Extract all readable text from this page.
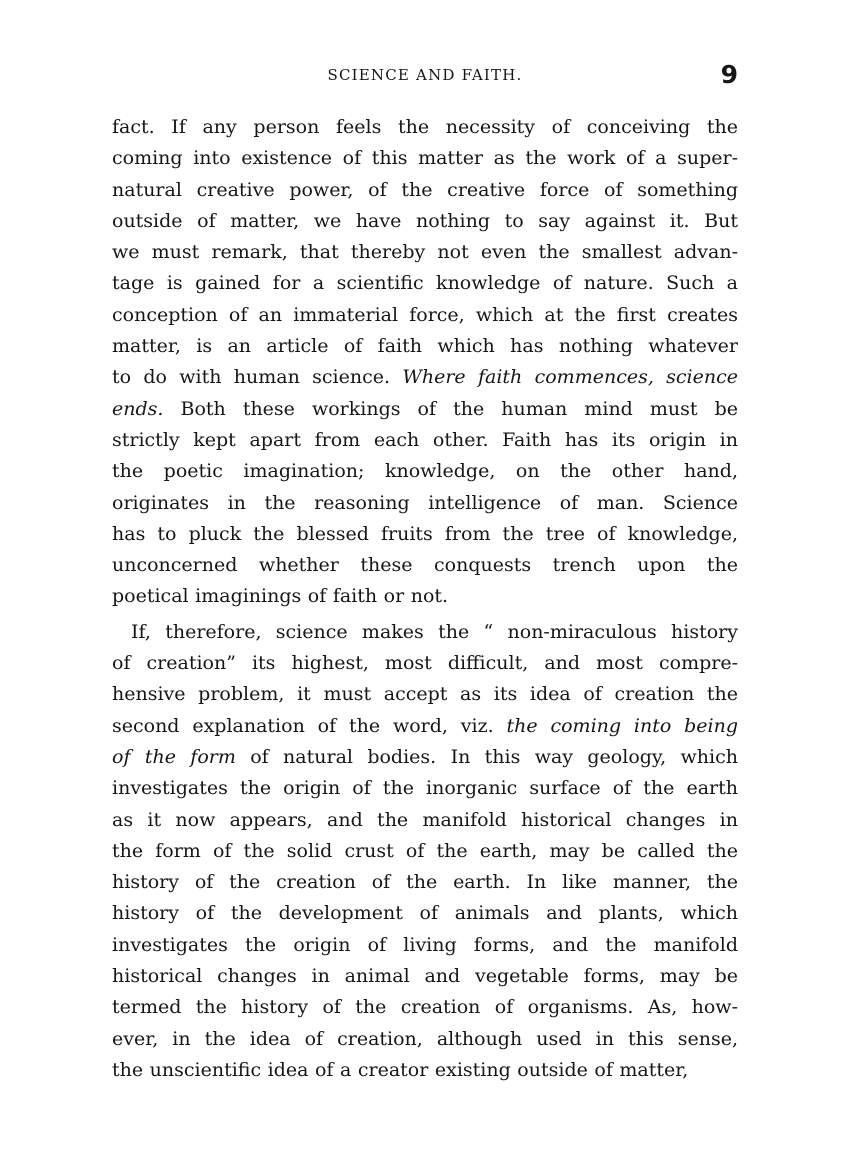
SCIENCE AND FAITH.	9
fact. If any person feels the necessity of conceiving the
coming into existence of this matter as the work of a super-
natural creative power, of the creative force of something
outside of matter, we have nothing to say against it. But
we must remark, that thereby not even the smallest advan-
tage is gained for a scientific knowledge of nature. Such a
conception of an immaterial force, which at the first creates
matter, is an article of faith which has nothing whatever
to do with human science. Where faith commences, science
ends. Both these workings of the human mind must be
strictly kept apart from each other. Faith has its origin in
the poetic imagination; knowledge, on the other hand,
originates in the reasoning intelligence of man. Science
has to pluck the blessed fruits from the tree of knowledge,
unconcerned whether these conquests trench upon the
poetical imaginings of faith or not.
If, therefore, science makes the “ non-miraculous history
of creation” its highest, most difficult, and most compre-
hensive problem, it must accept as its idea of creation the
second explanation of the word, viz. the coming into being
of the form of natural bodies. In this way geology, which
investigates the origin of the inorganic surface of the earth
as it now appears, and the manifold historical changes in
the form of the solid crust of the earth, may be called the
history of the creation of the earth. In like manner, the
history of the development of animals and plants, which
investigates the origin of living forms, and the manifold
historical changes in animal and vegetable forms, may be
termed the history of the creation of organisms. As, how-
ever, in the idea of creation, although used in this sense,
the unscientific idea of a creator existing outside of matter,
